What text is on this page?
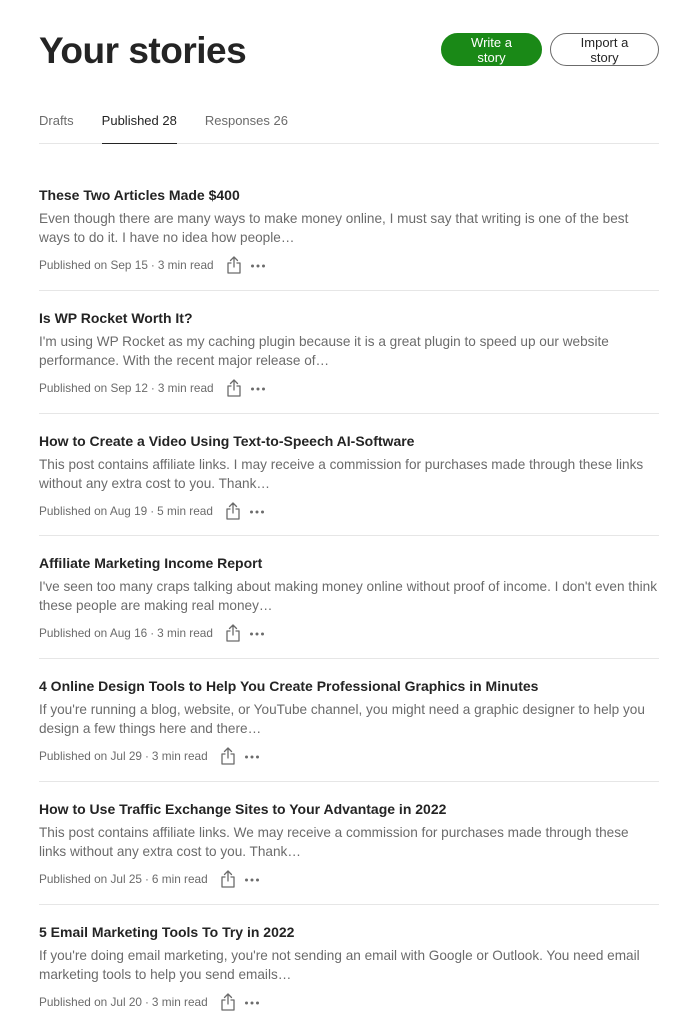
Your stories	Write a story
Import a story
Drafts Published 28 Responses 26
These Two Articles Made $400

Even though there are many ways to make money online, I must say that writing is one of the best ways to do it. I have no idea how people…

Published on Sep 15 · 3 min read
Is WP Rocket Worth It?

I'm using WP Rocket as my caching plugin because it is a great plugin to speed up our website performance. With the recent major release of…

Published on Sep 12 · 3 min read
How to Create a Video Using Text-to-Speech AI-Software

This post contains affiliate links. I may receive a commission for purchases made through these links without any extra cost to you. Thank…

Published on Aug 19 · 5 min read
Affiliate Marketing Income Report

I've seen too many craps talking about making money online without proof of income. I don't even think these people are making real money…

Published on Aug 16 · 3 min read
4 Online Design Tools to Help You Create Professional Graphics in Minutes

If you're running a blog, website, or YouTube channel, you might need a graphic designer to help you design a few things here and there…

Published on Jul 29 · 3 min read
How to Use Traffic Exchange Sites to Your Advantage in 2022

This post contains affiliate links. We may receive a commission for purchases made through these links without any extra cost to you. Thank…

Published on Jul 25 · 6 min read
5 Email Marketing Tools To Try in 2022

If you're doing email marketing, you're not sending an email with Google or Outlook. You need email marketing tools to help you send emails…

Published on Jul 20 · 3 min read
